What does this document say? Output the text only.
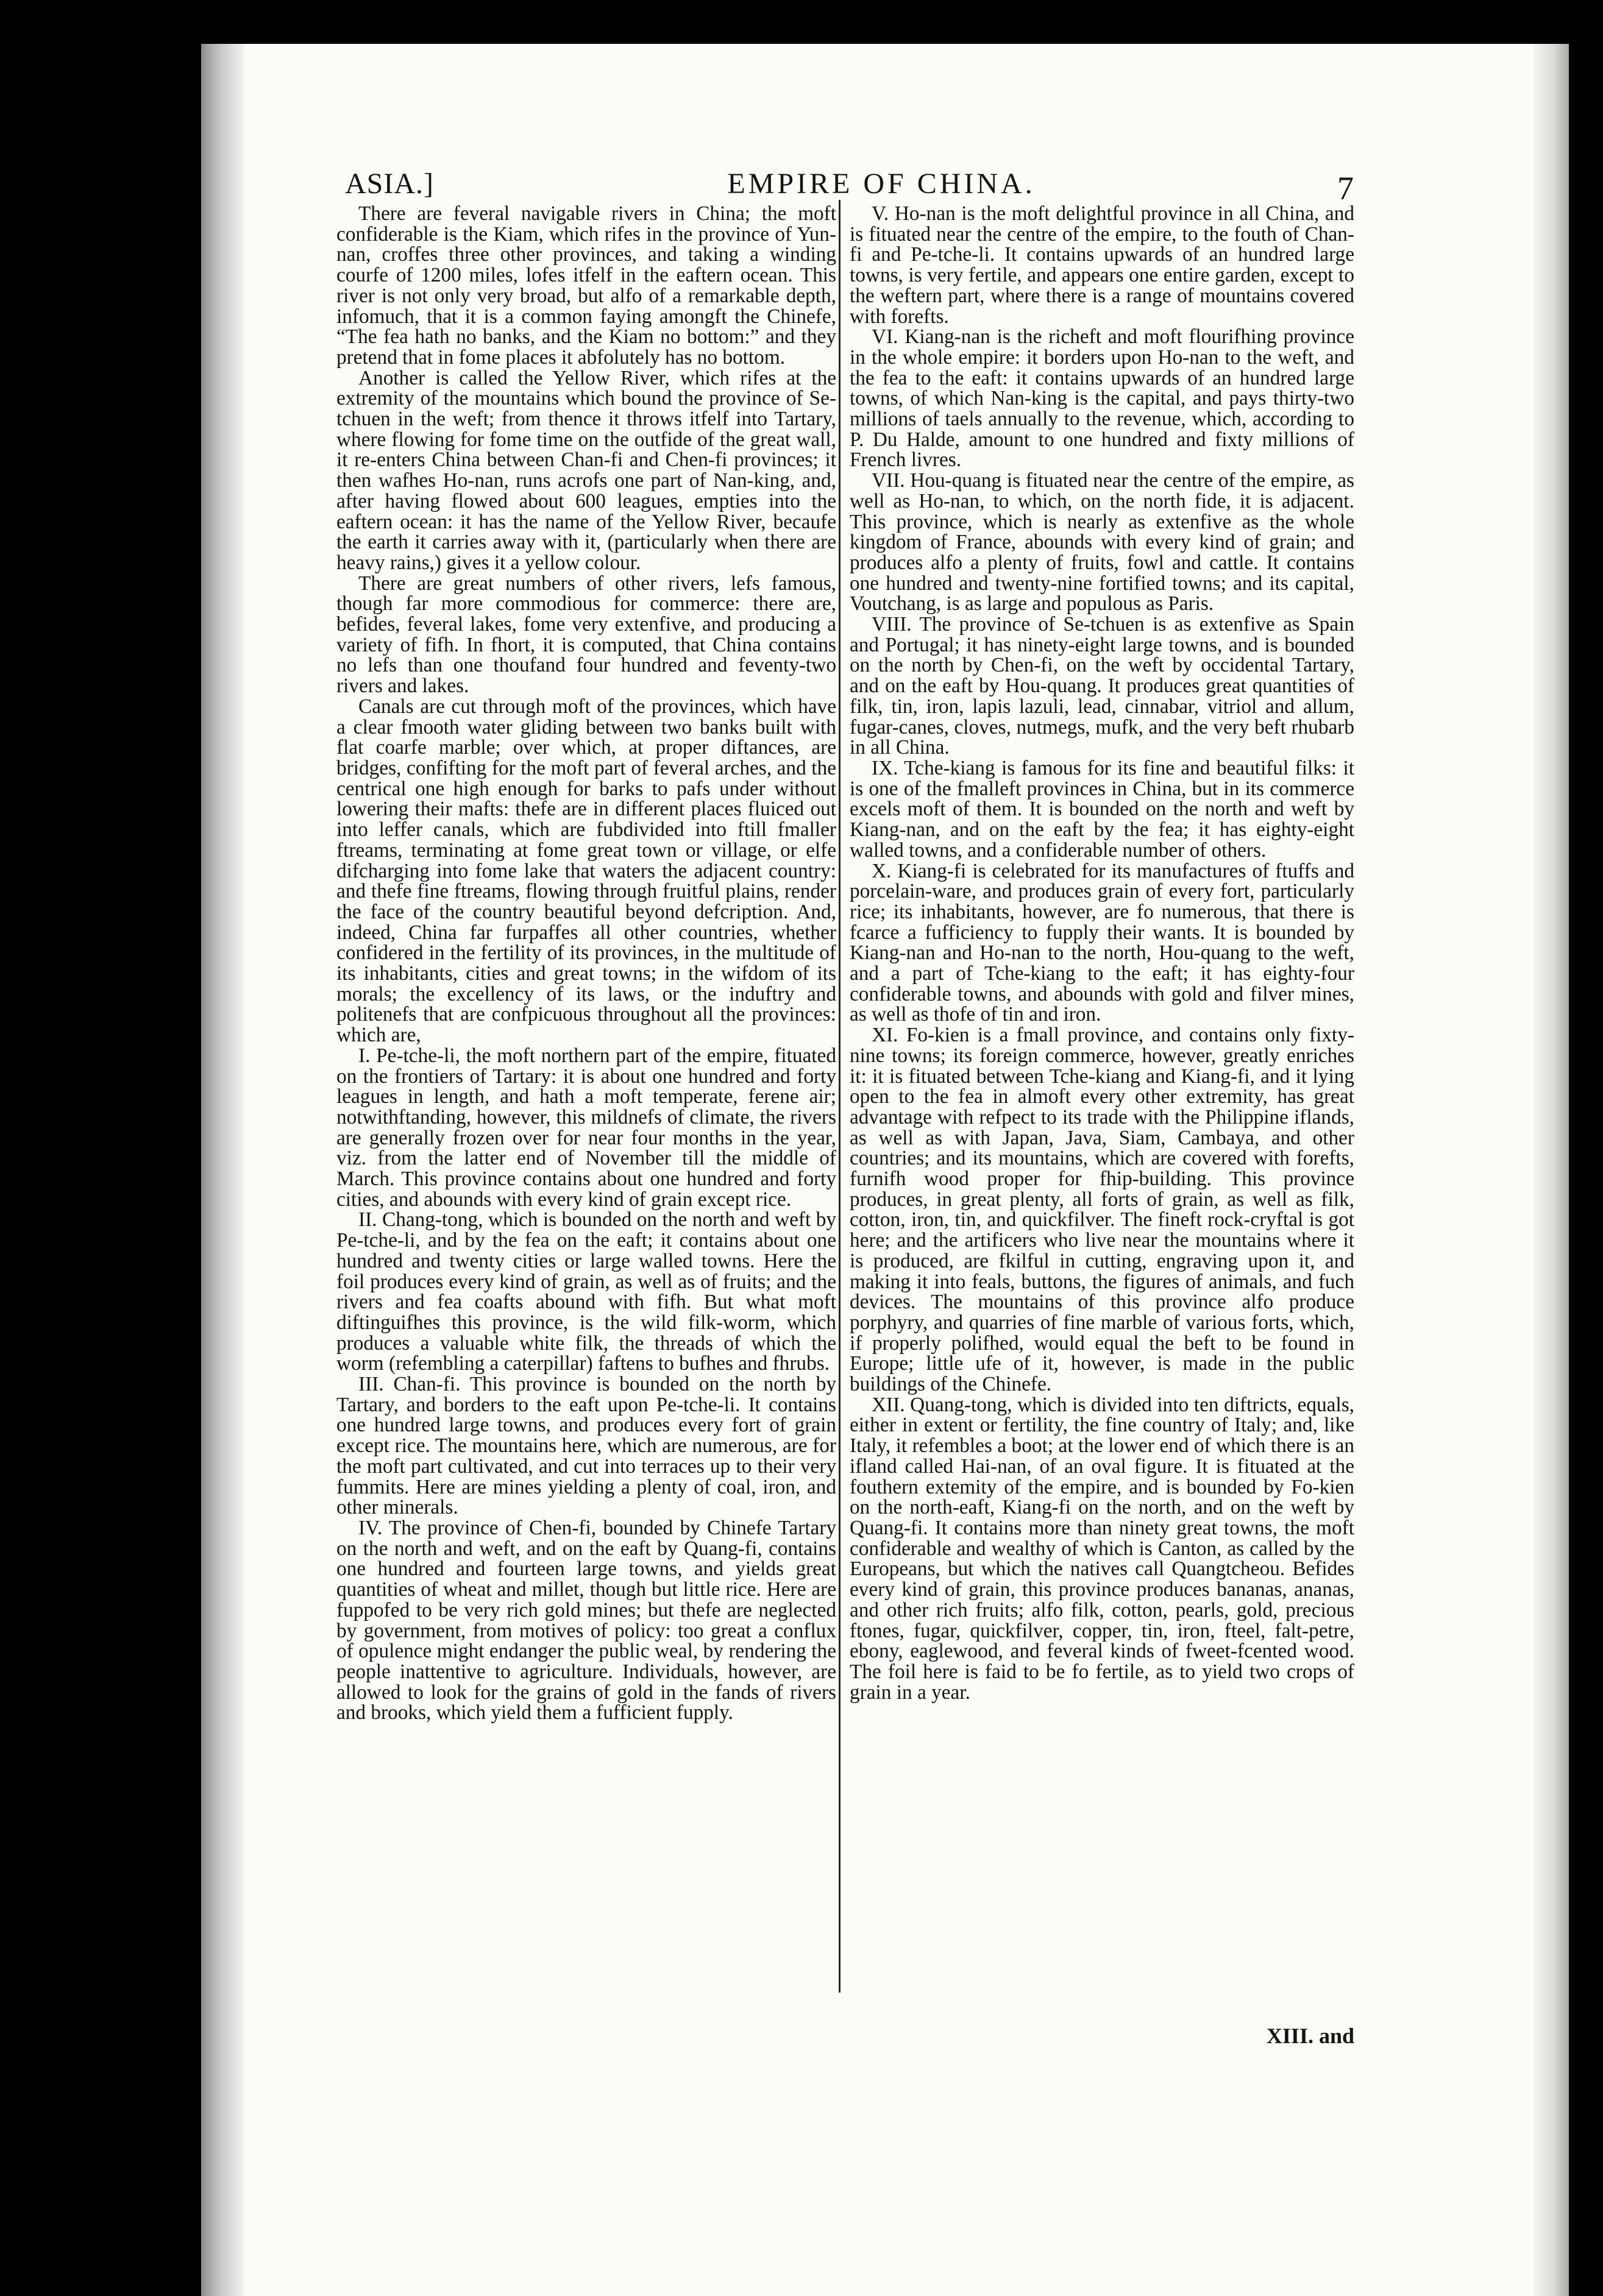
ASIA.]	EMPIRE OF CHINA.	7

There are feveral navigable rivers in China; the moft confiderable is the Kiam, which rifes in the province of Yun-nan, croffes three other provinces, and taking a winding courfe of 1200 miles, lofes itfelf in the eaftern ocean. This river is not only very broad, but alfo of a remarkable depth, infomuch, that it is a common faying amongft the Chinefe, “The fea hath no banks, and the Kiam no bottom:” and they pretend that in fome places it abfolutely has no bottom.

Another is called the Yellow River, which rifes at the extremity of the mountains which bound the province of Se-tchuen in the weft; from thence it throws itfelf into Tartary, where flowing for fome time on the outfide of the great wall, it re-enters China between Chan-fi and Chen-fi provinces; it then wafhes Ho-nan, runs acrofs one part of Nan-king, and, after having flowed about 600 leagues, empties into the eaftern ocean: it has the name of the Yellow River, becaufe the earth it carries away with it, (particularly when there are heavy rains,) gives it a yellow colour.

There are great numbers of other rivers, lefs famous, though far more commodious for commerce: there are, befides, feveral lakes, fome very extenfive, and producing a variety of fifh. In fhort, it is computed, that China contains no lefs than one thoufand four hundred and feventy-two rivers and lakes.

Canals are cut through moft of the provinces, which have a clear fmooth water gliding between two banks built with flat coarfe marble; over which, at proper diftances, are bridges, confifting for the moft part of feveral arches, and the centrical one high enough for barks to pafs under without lowering their mafts: thefe are in different places fluiced out into leffer canals, which are fubdivided into ftill fmaller ftreams, terminating at fome great town or village, or elfe difcharging into fome lake that waters the adjacent country: and thefe fine ftreams, flowing through fruitful plains, render the face of the country beautiful beyond defcription. And, indeed, China far furpaffes all other countries, whether confidered in the fertility of its provinces, in the multitude of its inhabitants, cities and great towns; in the wifdom of its morals; the excellency of its laws, or the induftry and politenefs that are confpicuous throughout all the provinces: which are,

I. Pe-tche-li, the moft northern part of the empire, fituated on the frontiers of Tartary: it is about one hundred and forty leagues in length, and hath a moft temperate, ferene air; notwithftanding, however, this mildnefs of climate, the rivers are generally frozen over for near four months in the year, viz. from the latter end of November till the middle of March. This province contains about one hundred and forty cities, and abounds with every kind of grain except rice.

II. Chang-tong, which is bounded on the north and weft by Pe-tche-li, and by the fea on the eaft; it contains about one hundred and twenty cities or large walled towns. Here the foil produces every kind of grain, as well as of fruits; and the rivers and fea coafts abound with fifh. But what moft diftinguifhes this province, is the wild filk-worm, which produces a valuable white filk, the threads of which the worm (refembling a caterpillar) faftens to bufhes and fhrubs.

III. Chan-fi. This province is bounded on the north by Tartary, and borders to the eaft upon Pe-tche-li. It contains one hundred large towns, and produces every fort of grain except rice. The mountains here, which are numerous, are for the moft part cultivated, and cut into terraces up to their very fummits. Here are mines yielding a plenty of coal, iron, and other minerals.

IV. The province of Chen-fi, bounded by Chinefe Tartary on the north and weft, and on the eaft by Quang-fi, contains one hundred and fourteen large towns, and yields great quantities of wheat and millet, though but little rice. Here are fuppofed to be very rich gold mines; but thefe are neglected by government, from motives of policy: too great a conflux of opulence might endanger the public weal, by rendering the people inattentive to agriculture. Individuals, however, are allowed to look for the grains of gold in the fands of rivers and brooks, which yield them a fufficient fupply.

V. Ho-nan is the moft delightful province in all China, and is fituated near the centre of the empire, to the fouth of Chan-fi and Pe-tche-li. It contains upwards of an hundred large towns, is very fertile, and appears one entire garden, except to the weftern part, where there is a range of mountains covered with forefts.

VI. Kiang-nan is the richeft and moft flourifhing province in the whole empire: it borders upon Ho-nan to the weft, and the fea to the eaft: it contains upwards of an hundred large towns, of which Nan-king is the capital, and pays thirty-two millions of taels annually to the revenue, which, according to P. Du Halde, amount to one hundred and fixty millions of French livres.

VII. Hou-quang is fituated near the centre of the empire, as well as Ho-nan, to which, on the north fide, it is adjacent. This province, which is nearly as extenfive as the whole kingdom of France, abounds with every kind of grain; and produces alfo a plenty of fruits, fowl and cattle. It contains one hundred and twenty-nine fortified towns; and its capital, Voutchang, is as large and populous as Paris.

VIII. The province of Se-tchuen is as extenfive as Spain and Portugal; it has ninety-eight large towns, and is bounded on the north by Chen-fi, on the weft by occidental Tartary, and on the eaft by Hou-quang. It produces great quantities of filk, tin, iron, lapis lazuli, lead, cinnabar, vitriol and allum, fugar-canes, cloves, nutmegs, mufk, and the very beft rhubarb in all China.

IX. Tche-kiang is famous for its fine and beautiful filks: it is one of the fmalleft provinces in China, but in its commerce excels moft of them. It is bounded on the north and weft by Kiang-nan, and on the eaft by the fea; it has eighty-eight walled towns, and a confiderable number of others.

X. Kiang-fi is celebrated for its manufactures of ftuffs and porcelain-ware, and produces grain of every fort, particularly rice; its inhabitants, however, are fo numerous, that there is fcarce a fufficiency to fupply their wants. It is bounded by Kiang-nan and Ho-nan to the north, Hou-quang to the weft, and a part of Tche-kiang to the eaft; it has eighty-four confiderable towns, and abounds with gold and filver mines, as well as thofe of tin and iron.

XI. Fo-kien is a fmall province, and contains only fixty-nine towns; its foreign commerce, however, greatly enriches it: it is fituated between Tche-kiang and Kiang-fi, and it lying open to the fea in almoft every other extremity, has great advantage with refpect to its trade with the Philippine iflands, as well as with Japan, Java, Siam, Cambaya, and other countries; and its mountains, which are covered with forefts, furnifh wood proper for fhip-building. This province produces, in great plenty, all forts of grain, as well as filk, cotton, iron, tin, and quickfilver. The fineft rock-cryftal is got here; and the artificers who live near the mountains where it is produced, are fkilful in cutting, engraving upon it, and making it into feals, buttons, the figures of animals, and fuch devices. The mountains of this province alfo produce porphyry, and quarries of fine marble of various forts, which, if properly polifhed, would equal the beft to be found in Europe; little ufe of it, however, is made in the public buildings of the Chinefe.

XII. Quang-tong, which is divided into ten diftricts, equals, either in extent or fertility, the fine country of Italy; and, like Italy, it refembles a boot; at the lower end of which there is an ifland called Hai-nan, of an oval figure. It is fituated at the fouthern extemity of the empire, and is bounded by Fo-kien on the north-eaft, Kiang-fi on the north, and on the weft by Quang-fi. It contains more than ninety great towns, the moft confiderable and wealthy of which is Canton, as called by the Europeans, but which the natives call Quangtcheou. Befides every kind of grain, this province produces bananas, ananas, and other rich fruits; alfo filk, cotton, pearls, gold, precious ftones, fugar, quickfilver, copper, tin, iron, fteel, falt-petre, ebony, eaglewood, and feveral kinds of fweet-fcented wood. The foil here is faid to be fo fertile, as to yield two crops of grain in a year.

XIII. and
